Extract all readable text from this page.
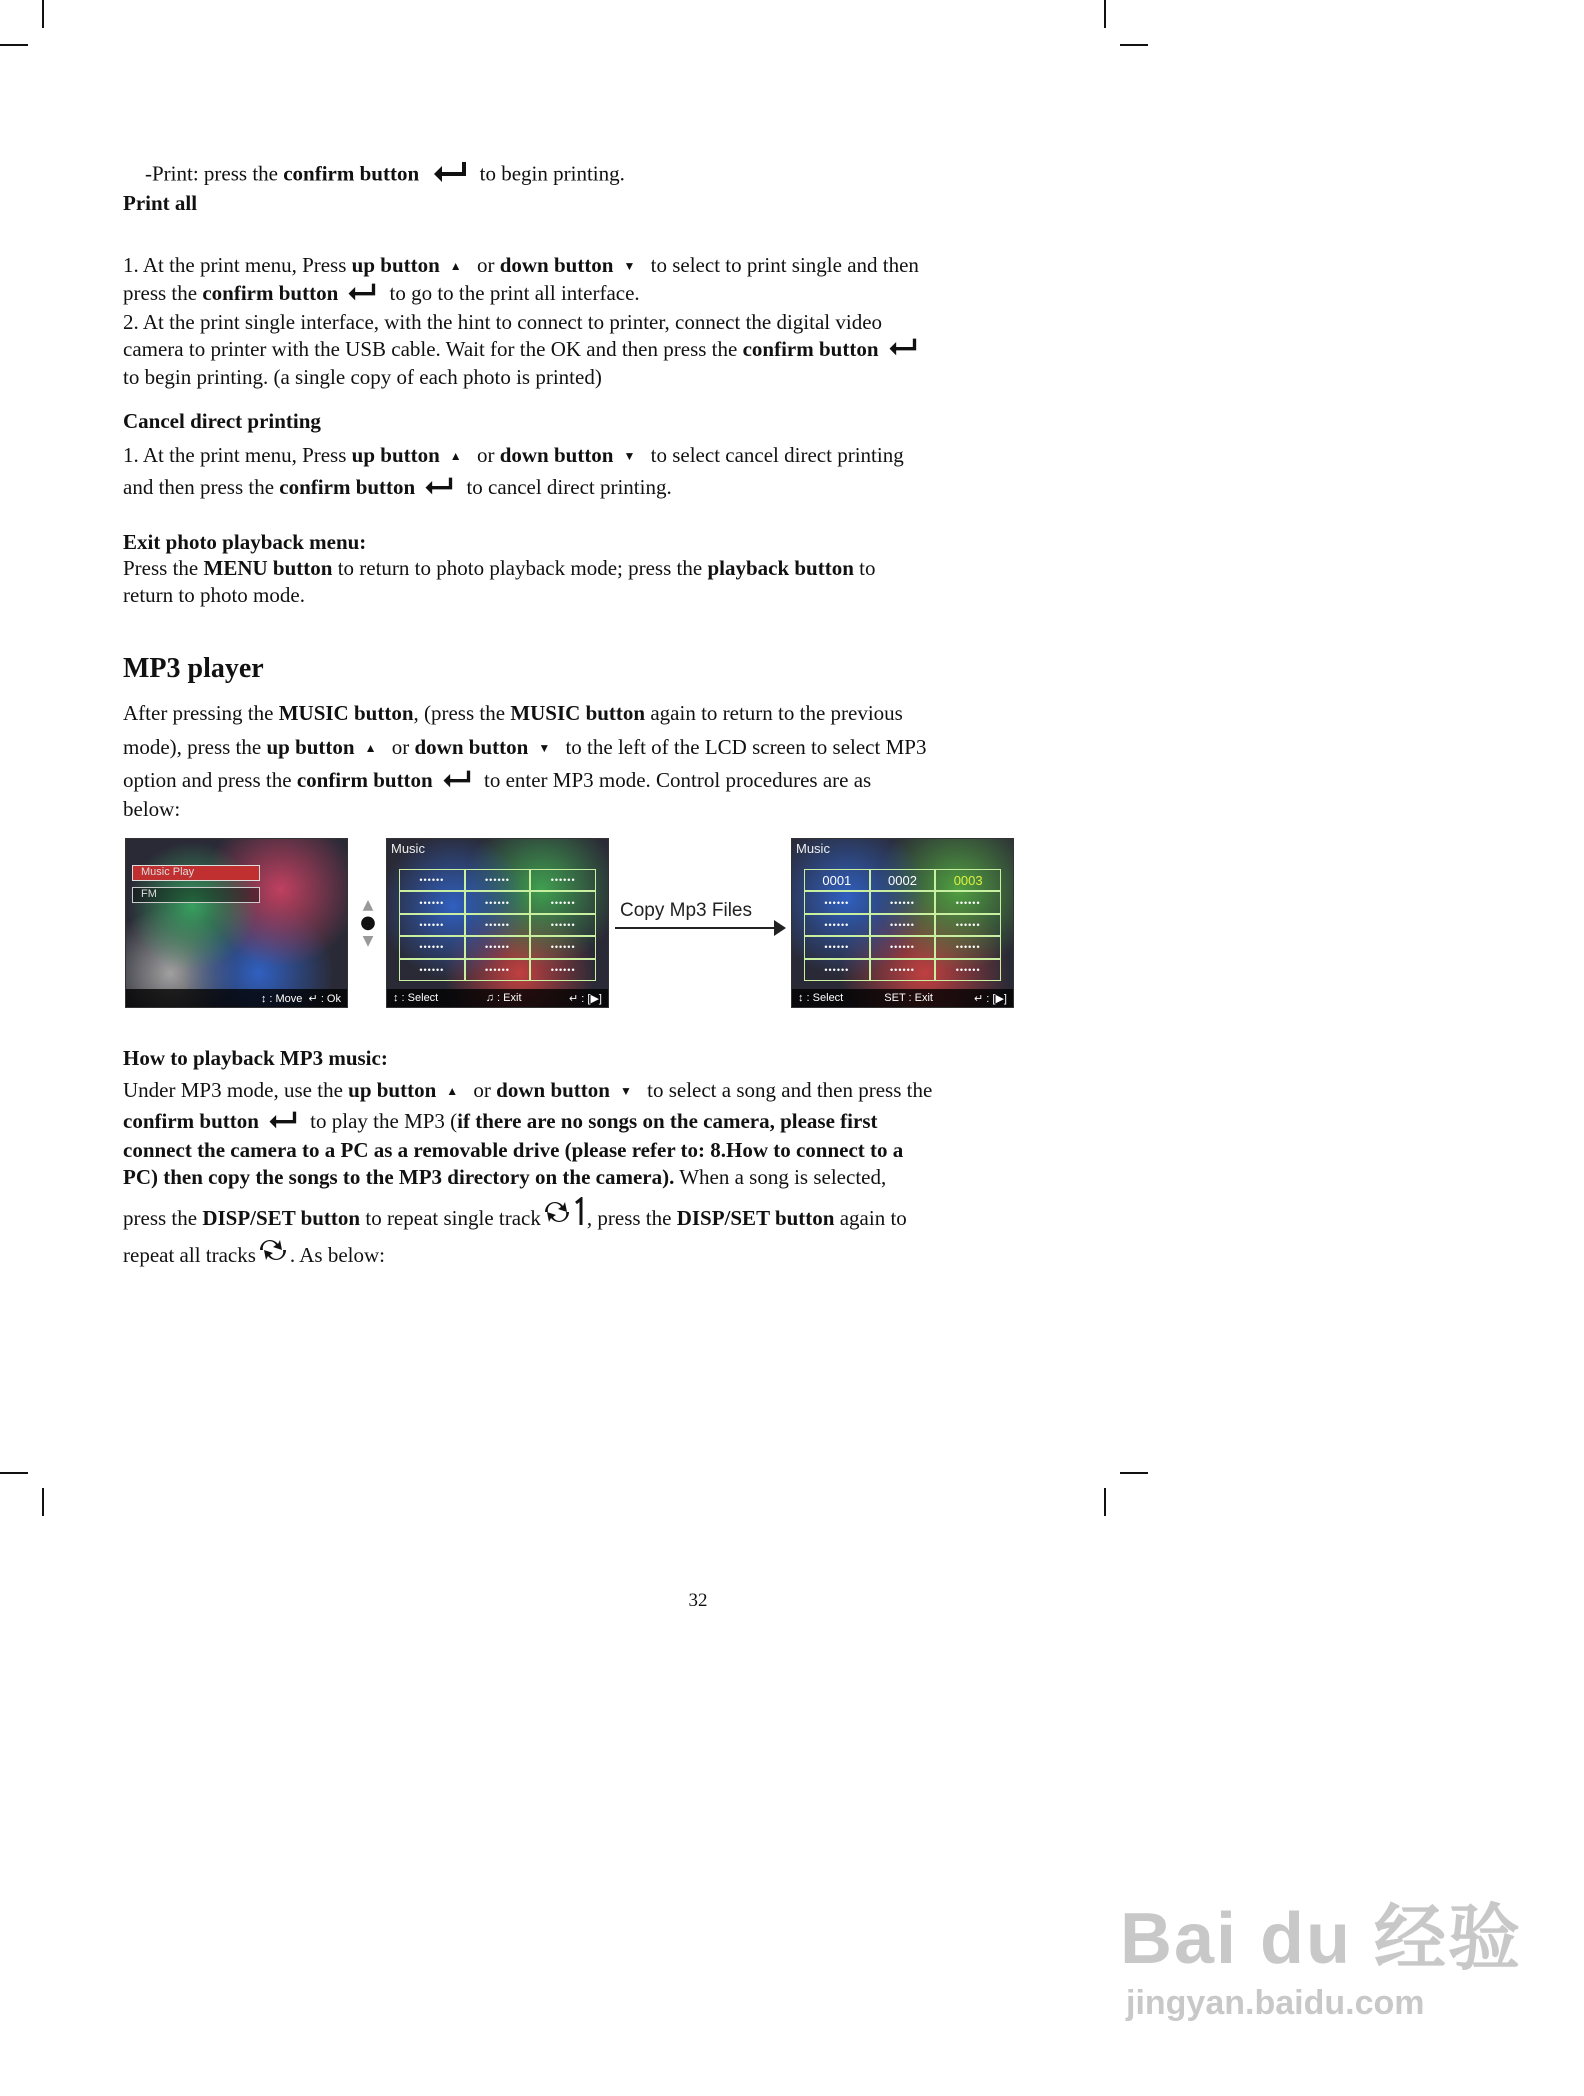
-Print: press the confirm button	to begin printing.
Print all

1. At the print menu, Press up button ▲ or down button ▼ to select to print single and then

press the confirm button to go to the print all interface.

2. At the print single interface, with the hint to connect to printer, connect the digital video

camera to printer with the USB cable. Wait for the OK and then press the confirm button

to begin printing. (a single copy of each photo is printed)

Cancel direct printing

1. At the print menu, Press up button ▲ or down button ▼ to select cancel direct printing

and then press the confirm button to cancel direct printing.

Exit photo playback menu:

Press the MENU button to return to photo playback mode; press the playback button to

return to photo mode.

MP3 player

After pressing the MUSIC button, (press the MUSIC button again to return to the previous

mode), press the up button ▲ or down button ▼ to the left of the LCD screen to select MP3

option and press the confirm button to enter MP3 mode. Control procedures are as

below:

How to playback MP3 music:

Under MP3 mode, use the up button ▲ or down button ▼ to select a song and then press the

confirm button to play the MP3 (if there are no songs on the camera, please first

connect the camera to a PC as a removable drive (please refer to: 8.How to connect to a

PC) then copy the songs to the MP3 directory on the camera). When a song is selected,

press the DISP/SET button to repeat single track , press the DISP/SET button again to

repeat all tracks . As below:

32
Music Play
FM
↕ : Move ↵ : Ok
▲
●
▼
Music
••••••	••••••	••••••
••••••	••••••	••••••
••••••	••••••	••••••
••••••	••••••	••••••
••••••	••••••	••••••
↕ : Select	♫ : Exit	↵ : [▶]
Copy Mp3 Files
Music
0001	0002	0003
••••••	••••••	••••••
••••••	••••••	••••••
••••••	••••••	••••••
••••••	••••••	••••••
↕ : Select	SET : Exit	↵ : [▶]
Bai du 经验
jingyan.baidu.com
